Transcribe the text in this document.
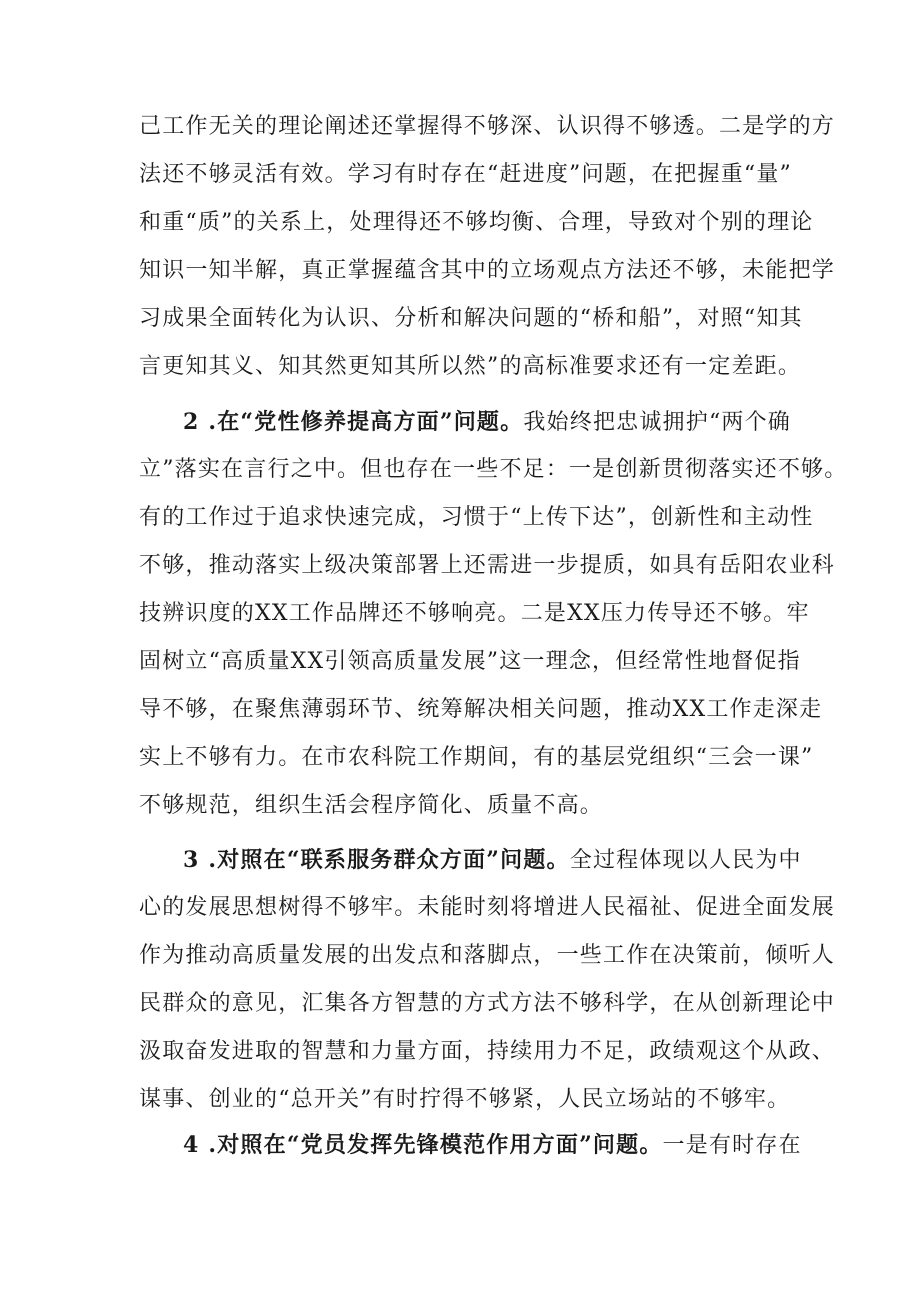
己工作无关的理论阐述还掌握得不够深、认识得不够透。二是学的方
法还不够灵活有效。学习有时存在“赶进度”问题，在把握重“量”
和重“质”的关系上，处理得还不够均衡、合理，导致对个别的理论
知识一知半解，真正掌握蕴含其中的立场观点方法还不够，未能把学
习成果全面转化为认识、分析和解决问题的“桥和船”，对照“知其
言更知其义、知其然更知其所以然”的高标准要求还有一定差距。
2 .在“党性修养提高方面”问题。我始终把忠诚拥护“两个确
立”落实在言行之中。但也存在一些不足：一是创新贯彻落实还不够。
有的工作过于追求快速完成，习惯于“上传下达”，创新性和主动性
不够，推动落实上级决策部署上还需进一步提质，如具有岳阳农业科
技辨识度的XX工作品牌还不够响亮。二是XX压力传导还不够。牢
固树立“高质量XX引领高质量发展”这一理念，但经常性地督促指
导不够，在聚焦薄弱环节、统筹解决相关问题，推动XX工作走深走
实上不够有力。在市农科院工作期间，有的基层党组织“三会一课”
不够规范，组织生活会程序简化、质量不高。
3 .对照在“联系服务群众方面”问题。全过程体现以人民为中
心的发展思想树得不够牢。未能时刻将增进人民福祉、促进全面发展
作为推动高质量发展的出发点和落脚点，一些工作在决策前，倾听人
民群众的意见，汇集各方智慧的方式方法不够科学，在从创新理论中
汲取奋发进取的智慧和力量方面，持续用力不足，政绩观这个从政、
谋事、创业的“总开关”有时拧得不够紧，人民立场站的不够牢。
4 .对照在“党员发挥先锋模范作用方面”问题。一是有时存在
